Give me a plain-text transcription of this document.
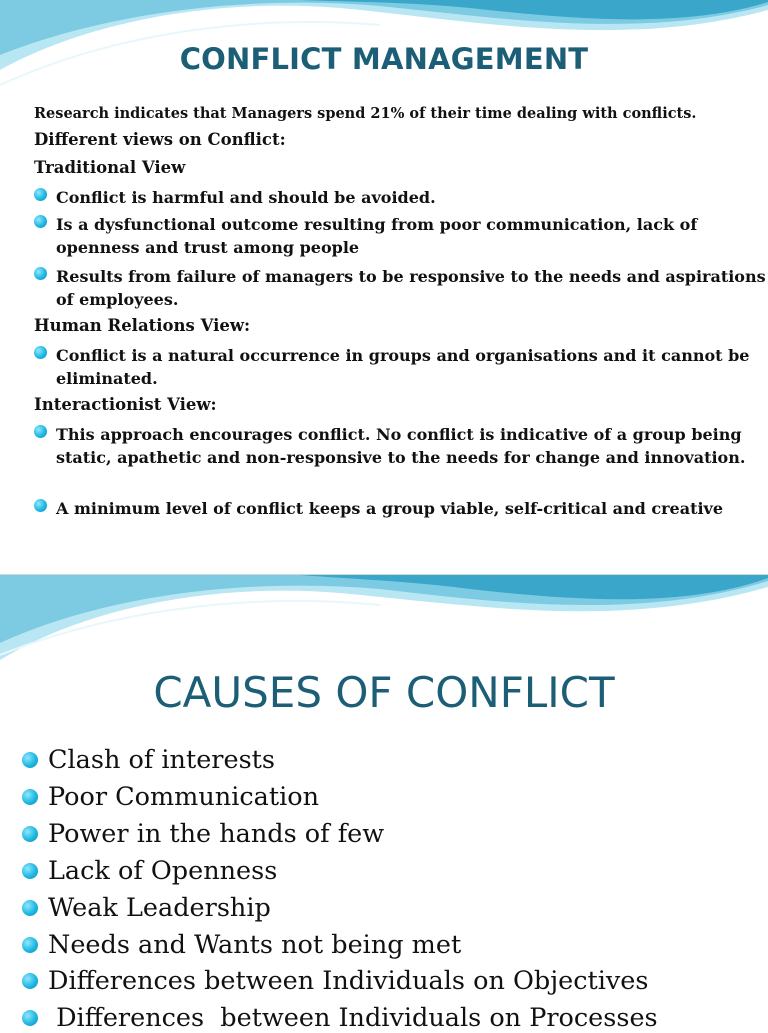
CONFLICT MANAGEMENT
Research indicates that Managers spend 21% of their time dealing with conflicts.
Different views on Conflict:
Traditional View
Conflict is harmful and should be avoided.
Is a dysfunctional outcome resulting from poor communication, lack of openness and trust among people
Results from failure of managers to be responsive to the needs and aspirations of employees.
Human Relations View:
Conflict is a natural occurrence in groups and organisations and it cannot be eliminated.
Interactionist View:
This approach encourages conflict. No conflict is indicative of a group being static, apathetic and non-responsive to the needs for change and innovation.
A minimum level of conflict keeps a group viable, self-critical and creative
CAUSES OF CONFLICT
Clash of interests
Poor Communication
Power in the hands of few
Lack of Openness
Weak Leadership
Needs and Wants not being met
Differences between Individuals on Objectives
Differences  between Individuals on Processes
